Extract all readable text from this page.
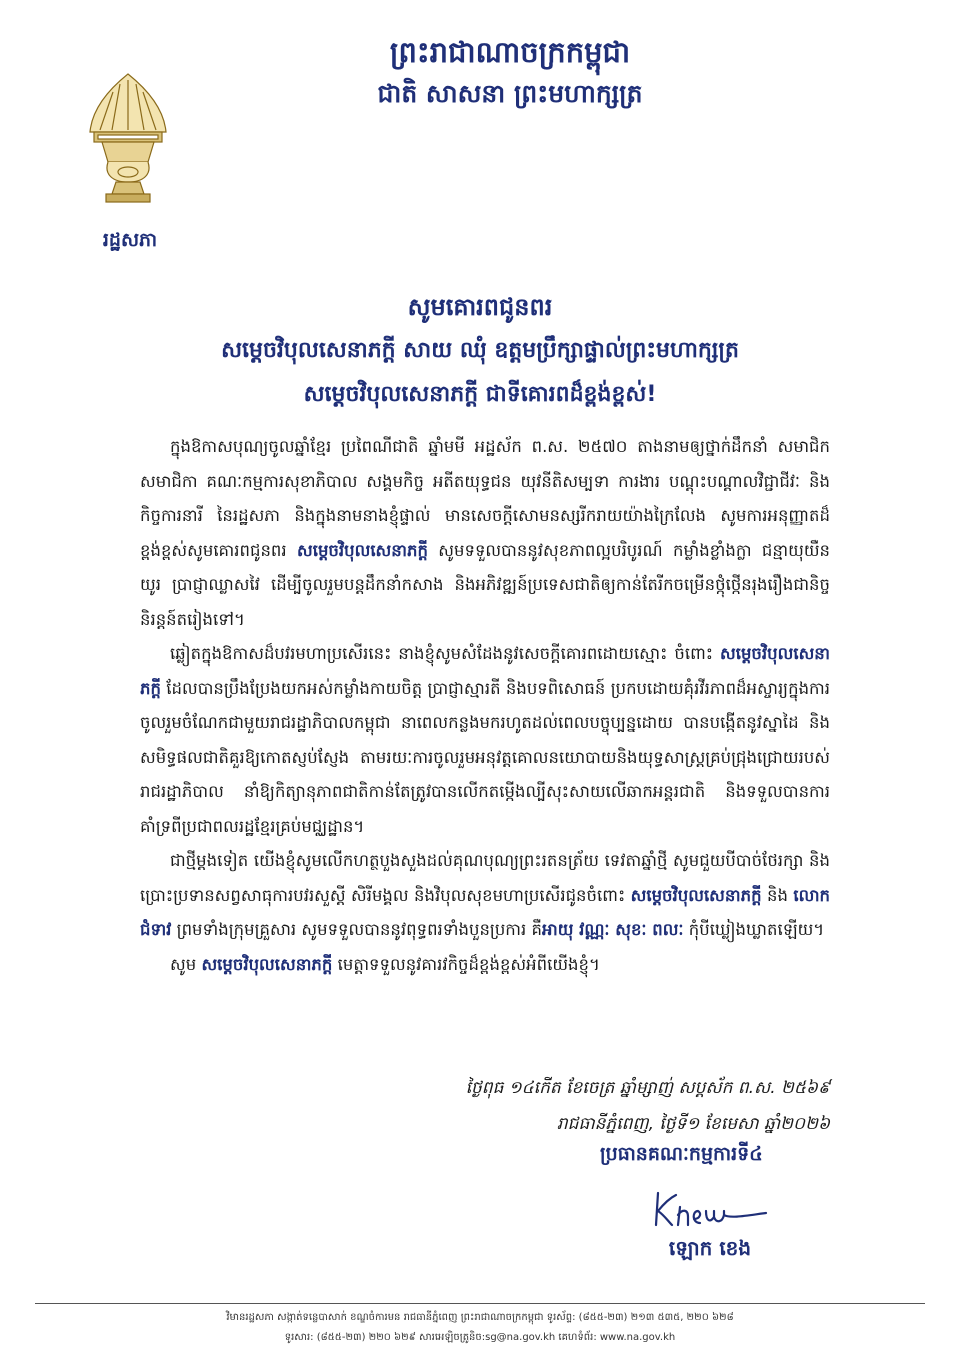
រដ្ឋសភា
ព្រះរាជាណាចក្រកម្ពុជា
ជាតិ សាសនា ព្រះមហាក្សត្រ
សូមគោរពជូនពរ
សម្តេចវិបុលសេនាភក្តី សាយ ឈុំ ឧត្តមប្រឹក្សាផ្ទាល់ព្រះមហាក្សត្រ
សម្តេចវិបុលសេនាភក្តី ជាទីគោរពដ៏ខ្ពង់ខ្ពស់!

ក្នុងឱកាសបុណ្យចូលឆ្នាំខ្មែរ ប្រពៃណីជាតិ ឆ្នាំមមី អដ្ឋស័ក ព.ស. ២៥៧០ តាងនាមឲ្យថ្នាក់ដឹកនាំ សមាជិក សមាជិកា គណៈកម្មការសុខាភិបាល សង្គមកិច្ច អតីតយុទ្ធជន យុវនីតិសម្បទា ការងារ បណ្តុះបណ្តាលវិជ្ជាជីវៈ និងកិច្ចការនារី នៃរដ្ឋសភា និងក្នុងនាមនាងខ្ញុំផ្ទាល់ មានសេចក្តីសោមនស្សរីករាយយ៉ាងក្រៃលែង សូមការអនុញ្ញាតដ៏ខ្ពង់ខ្ពស់សូមគោរពជូនពរ សម្តេចវិបុលសេនាភក្តី សូមទទួលបាននូវសុខភាពល្អបរិបូរណ៍ កម្លាំងខ្លាំងក្លា ជន្មាយុយឺនយូរ ប្រាជ្ញាឈ្លាសវៃ ដើម្បីចូលរួមបន្តដឹកនាំកសាង និងអភិវឌ្ឍន៍ប្រទេសជាតិឲ្យកាន់តែរីកចម្រើនថ្កុំថ្កើនរុងរឿងជានិច្ចនិរន្តន៍តរៀងទៅ។

ឆ្លៀតក្នុងឱកាសដ៏បវរមហាប្រសើរនេះ នាងខ្ញុំសូមសំដែងនូវសេចក្តីគោរពដោយស្មោះ ចំពោះ សម្តេចវិបុលសេនាភក្តី ដែលបានប្រឹងប្រែងយកអស់កម្លាំងកាយចិត្ត ប្រាជ្ញាស្មារតី និងបទពិសោធន៍ ប្រកបដោយគុំរវីរភាពដ៏អស្ចារ្យក្នុងការចូលរួមចំណែកជាមួយរាជរដ្ឋាភិបាលកម្ពុជា នាពេលកន្លងមករហូតដល់ពេលបច្ចុប្បន្នដោយ បានបង្កើតនូវស្នាដៃ និងសមិទ្ធផលជាតិគួរឱ្យកោតស្ញប់ស្ញែង តាមរយៈការចូលរួមអនុវត្តគោលនយោបាយនិងយុទ្ធសាស្ត្រគ្រប់ជ្រុងជ្រោយរបស់រាជរដ្ឋាភិបាល នាំឱ្យកិត្យានុភាពជាតិកាន់តែត្រូវបានលើកតម្កើងល្បីសុះសាយលើឆាកអន្តរជាតិ និងទទួលបានការគាំទ្រពីប្រជាពលរដ្ឋខ្មែរគ្រប់មជ្ឈដ្ឋាន។

ជាថ្មីម្តងទៀត យើងខ្ញុំសូមលើកហត្ថបួងសួងដល់គុណបុណ្យព្រះរតនត្រ័យ ទេវតាឆ្នាំថ្មី សូមជួយបីបាច់ថែរក្សា និងប្រោះប្រទានសព្វសាធុការបវរសួស្តី សិរីមង្គល និងវិបុលសុខមហាប្រសើរជូនចំពោះ សម្តេចវិបុលសេនាភក្តី និង លោកជំទាវ ព្រមទាំងក្រុមគ្រួសារ សូមទទួលបាននូវពុទ្ធពរទាំងបួនប្រការ គឺអាយុ វណ្ណៈ សុខៈ ពលៈ កុំបីឃ្លៀងឃ្លាតឡើយ។

សូម សម្តេចវិបុលសេនាភក្តី មេត្តាទទួលនូវគារវកិច្ចដ៏ខ្ពង់ខ្ពស់អំពីយើងខ្ញុំ។

ថ្ងៃពុធ ១៤កើត ខែចេត្រ ឆ្នាំម្សាញ់ សប្តស័ក ព.ស. ២៥៦៩
រាជធានីភ្នំពេញ, ថ្ងៃទី១ ខែមេសា ឆ្នាំ២០២៦
ប្រធានគណៈកម្មការទី៤
ឡោក ខេង
វិមានរដ្ឋសភា សង្កាត់ទន្លេបាសាក់ ខណ្ឌចំការមន រាជធានីភ្នំពេញ ព្រះរាជាណាចក្រកម្ពុជា ទូរស័ព្ទ: (៨៥៥-២៣) ២១៣ ៥៣៥, ២២០ ៦២៨
ទូរសារ: (៨៥៥-២៣) ២២០ ៦២៩ សារអេឡិចត្រូនិច:sg@na.gov.kh គេហទំព័រ: www.na.gov.kh
